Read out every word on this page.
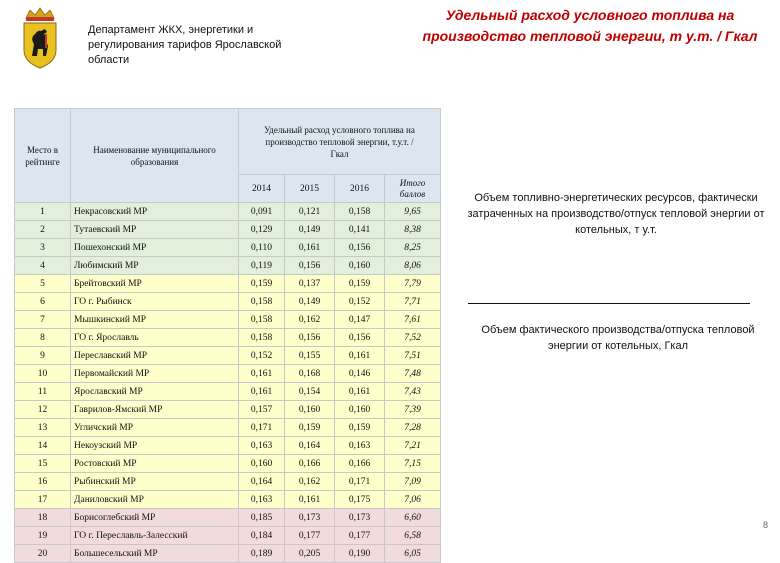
Департамент ЖКХ, энергетики и регулирования тарифов Ярославской области
Удельный расход условного топлива на производство тепловой энергии, т у.т. / Гкал
Место в рейтинге	Наименование муниципального образования	Удельный расход условного топлива на производство тепловой энергии, т.у.т. / Гкал			
		2014	2015	2016	Итого баллов
1	Некрасовский МР	0,091	0,121	0,158	9,65
2	Тутаевский МР	0,129	0,149	0,141	8,38
3	Пошехонский МР	0,110	0,161	0,156	8,25
4	Любимский МР	0,119	0,156	0,160	8,06
5	Брейтовский МР	0,159	0,137	0,159	7,79
6	ГО г. Рыбинск	0,158	0,149	0,152	7,71
7	Мышкинский МР	0,158	0,162	0,147	7,61
8	ГО г. Ярославль	0,158	0,156	0,156	7,52
9	Переславский МР	0,152	0,155	0,161	7,51
10	Первомайский МР	0,161	0,168	0,146	7,48
11	Ярославский МР	0,161	0,154	0,161	7,43
12	Гаврилов-Ямский МР	0,157	0,160	0,160	7,39
13	Угличский МР	0,171	0,159	0,159	7,28
14	Некоузский МР	0,163	0,164	0,163	7,21
15	Ростовский МР	0,160	0,166	0,166	7,15
16	Рыбинский МР	0,164	0,162	0,171	7,09
17	Даниловский МР	0,163	0,161	0,175	7,06
18	Борисоглебский МР	0,185	0,173	0,173	6,60
19	ГО г. Переславль-Залесский	0,184	0,177	0,177	6,58
20	Большесельский МР	0,189	0,205	0,190	6,05
Объем топливно-энергетических ресурсов, фактически затраченных на производство/отпуск тепловой энергии от котельных, т у.т.
Объем фактического производства/отпуска тепловой энергии от котельных, Гкал
8
